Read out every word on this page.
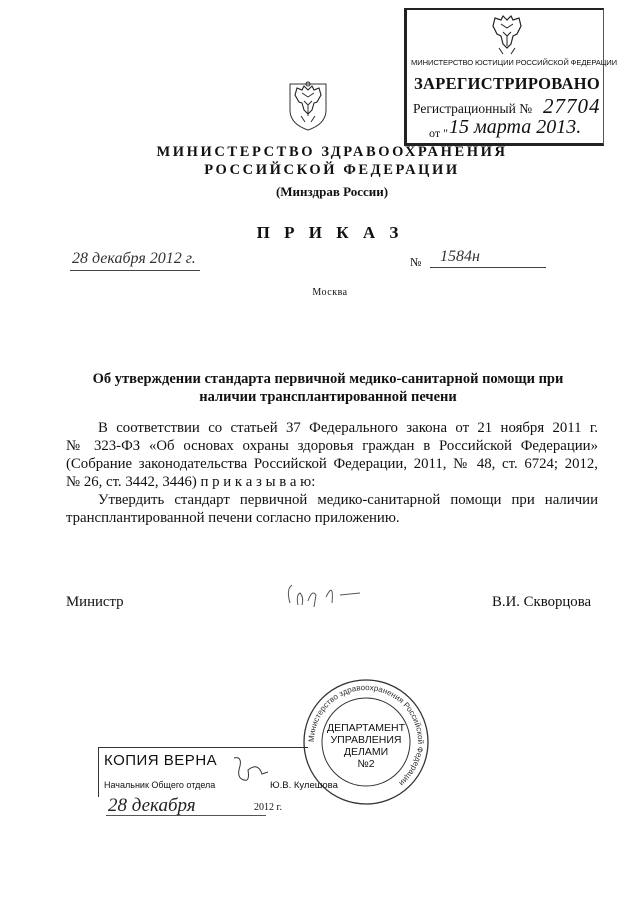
МИНИСТЕРСТВО ЮСТИЦИИ РОССИЙСКОЙ ФЕДЕРАЦИИ
ЗАРЕГИСТРИРОВАНО
Регистрационный № 27704
от " 15 марта 2013.
МИНИСТЕРСТВО ЗДРАВООХРАНЕНИЯ
РОССИЙСКОЙ ФЕДЕРАЦИИ
(Минздрав России)
П Р И К А З
28 декабря 2012 г.	№ 1584н
Москва
Об утверждении стандарта первичной медико-санитарной помощи при
наличии трансплантированной печени
В соответствии со статьей 37 Федерального закона от 21 ноября 2011 г.
№ 323-ФЗ «Об основах охраны здоровья граждан в Российской Федерации»
(Собрание законодательства Российской Федерации, 2011, № 48, ст. 6724; 2012,
№ 26, ст. 3442, 3446) п р и к а з ы в а ю:
Утвердить стандарт первичной медико-санитарной помощи при наличии
трансплантированной печени согласно приложению.
Министр	В.И. Скворцова
Министерство здравоохранения Российской Федерации
ДЕПАРТАМЕНТ
УПРАВЛЕНИЯ
ДЕЛАМИ
№2
КОПИЯ ВЕРНА
Начальник Общего отдела	Ю.В. Кулешова
28 декабря	2012 г.
